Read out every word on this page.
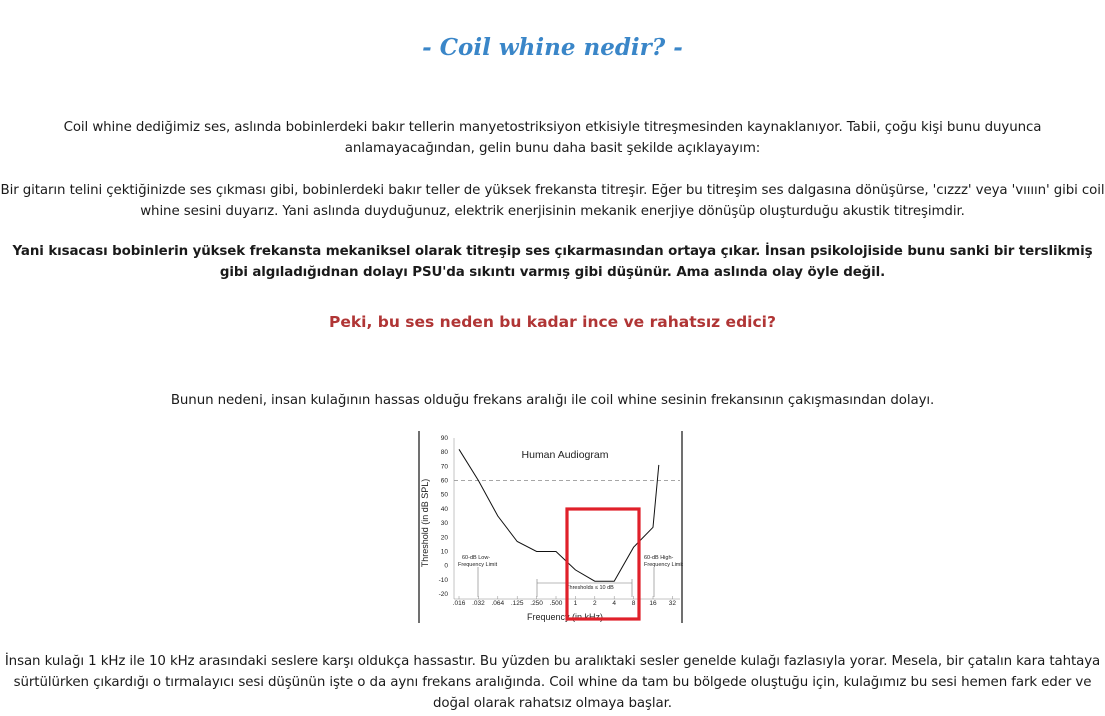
- Coil whine nedir? -

Coil whine dediğimiz ses, aslında bobinlerdeki bakır tellerin manyetostriksiyon etkisiyle titreşmesinden kaynaklanıyor. Tabii, çoğu kişi bunu duyunca anlamayacağından, gelin bunu daha basit şekilde açıklayayım:

Bir gitarın telini çektiğinizde ses çıkması gibi, bobinlerdeki bakır teller de yüksek frekansta titreşir. Eğer bu titreşim ses dalgasına dönüşürse, 'cızzz' veya 'vıııın' gibi coil whine sesini duyarız. Yani aslında duyduğunuz, elektrik enerjisinin mekanik enerjiye dönüşüp oluşturduğu akustik titreşimdir.

Yani kısacası bobinlerin yüksek frekansta mekaniksel olarak titreşip ses çıkarmasından ortaya çıkar. İnsan psikolojiside bunu sanki bir terslikmiş gibi algıladığıdnan dolayı PSU'da sıkıntı varmış gibi düşünür. Ama aslında olay öyle değil.

Peki, bu ses neden bu kadar ince ve rahatsız edici?

Bunun nedeni, insan kulağının hassas olduğu frekans aralığı ile coil whine sesinin frekansının çakışmasından dolayı.

90
80
70
60
50
40
30
20
10
0
-10
-20
.016 .032 .064 .125 .250 .500 1 2 4 8 16 32
Human Audiogram
Threshold (in dB SPL)
Frequency (in kHz)
60-dB Low-
Frequency Limit
60-dB High-
Frequency Limit
Thresholds ≤ 10 dB

İnsan kulağı 1 kHz ile 10 kHz arasındaki seslere karşı oldukça hassastır. Bu yüzden bu aralıktaki sesler genelde kulağı fazlasıyla yorar. Mesela, bir çatalın kara tahtaya sürtülürken çıkardığı o tırmalayıcı sesi düşünün işte o da aynı frekans aralığında. Coil whine da tam bu bölgede oluştuğu için, kulağımız bu sesi hemen fark eder ve doğal olarak rahatsız olmaya başlar.
